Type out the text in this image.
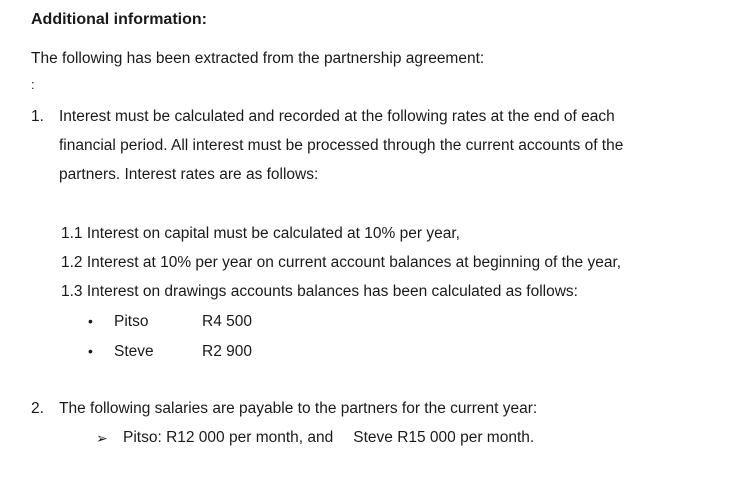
Additional information:
The following has been extracted from the partnership agreement:
:
1. Interest must be calculated and recorded at the following rates at the end of each
financial period. All interest must be processed through the current accounts of the
partners. Interest rates are as follows:
1.1 Interest on capital must be calculated at 10% per year,
1.2 Interest at 10% per year on current account balances at beginning of the year,
1.3 Interest on drawings accounts balances has been calculated as follows:
• Pitso	R4 500
• Steve	R2 900
2. The following salaries are payable to the partners for the current year:
➢ Pitso: R12 000 per month, and Steve R15 000 per month.
